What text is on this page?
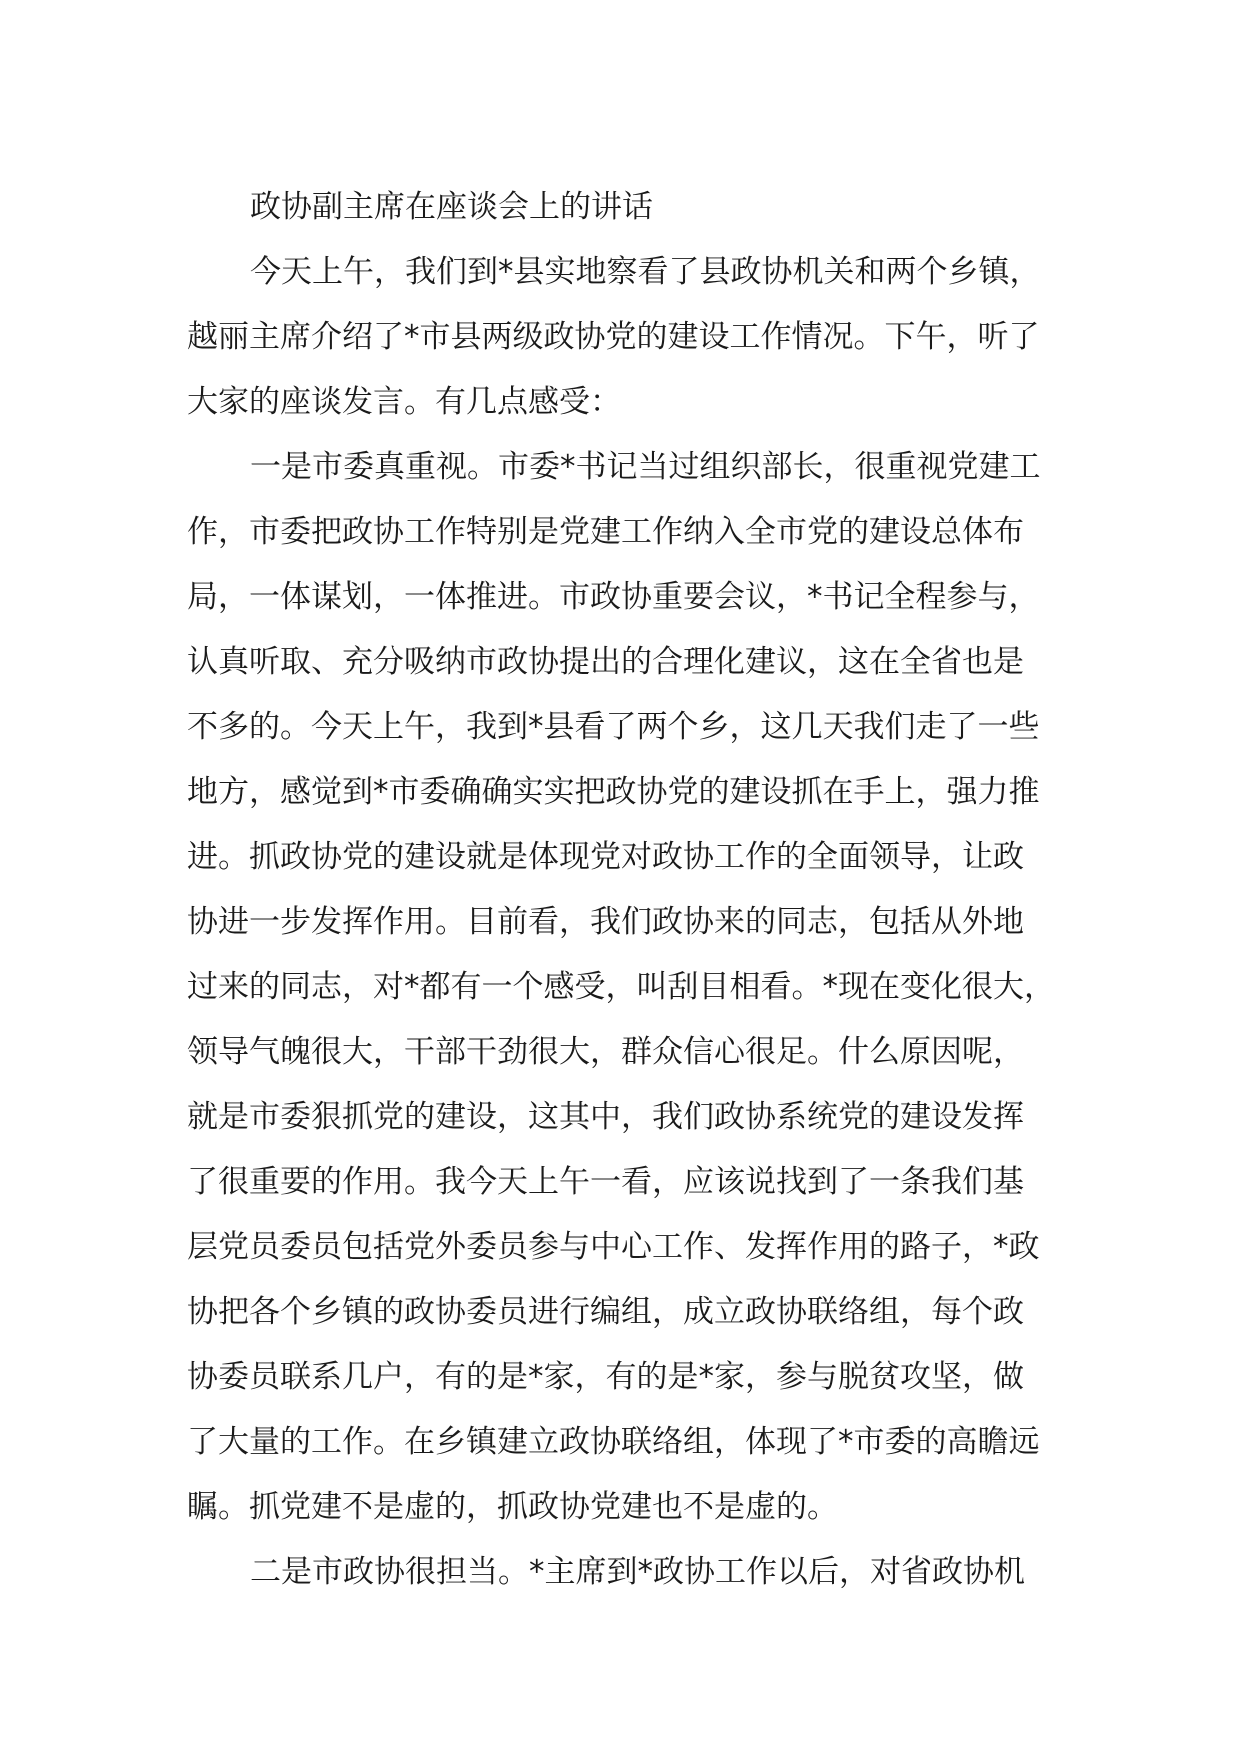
政协副主席在座谈会上的讲话
今天上午，我们到*县实地察看了县政协机关和两个乡镇，
越丽主席介绍了*市县两级政协党的建设工作情况。下午，听了
大家的座谈发言。有几点感受：
一是市委真重视。市委*书记当过组织部长，很重视党建工
作，市委把政协工作特别是党建工作纳入全市党的建设总体布
局，一体谋划，一体推进。市政协重要会议，*书记全程参与，
认真听取、充分吸纳市政协提出的合理化建议，这在全省也是
不多的。今天上午，我到*县看了两个乡，这几天我们走了一些
地方，感觉到*市委确确实实把政协党的建设抓在手上，强力推
进。抓政协党的建设就是体现党对政协工作的全面领导，让政
协进一步发挥作用。目前看，我们政协来的同志，包括从外地
过来的同志，对*都有一个感受，叫刮目相看。*现在变化很大，
领导气魄很大，干部干劲很大，群众信心很足。什么原因呢，
就是市委狠抓党的建设，这其中，我们政协系统党的建设发挥
了很重要的作用。我今天上午一看，应该说找到了一条我们基
层党员委员包括党外委员参与中心工作、发挥作用的路子，*政
协把各个乡镇的政协委员进行编组，成立政协联络组，每个政
协委员联系几户，有的是*家，有的是*家，参与脱贫攻坚，做
了大量的工作。在乡镇建立政协联络组，体现了*市委的高瞻远
瞩。抓党建不是虚的，抓政协党建也不是虚的。
二是市政协很担当。*主席到*政协工作以后，对省政协机
